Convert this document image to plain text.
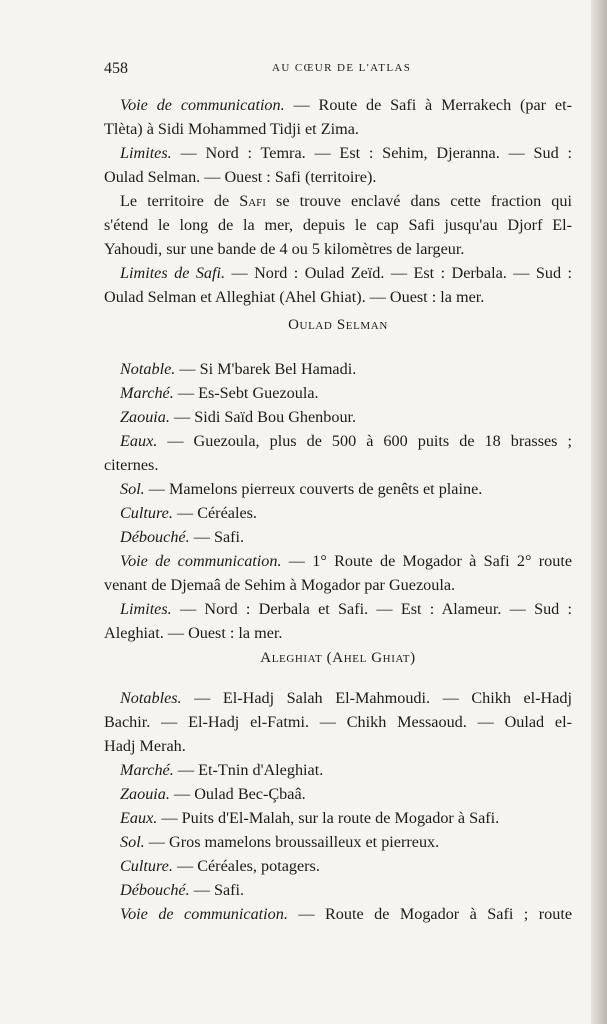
458	AU CŒUR DE L'ATLAS
Voie de communication. — Route de Safi à Merrakech (par et-
Tlèta) à Sidi Mohammed Tidji et Zima.
Limites. — Nord : Temra. — Est : Sehim, Djeranna. — Sud :
Oulad Selman. — Ouest : Safi (territoire).
Le territoire de Safi se trouve enclavé dans cette fraction qui
s'étend le long de la mer, depuis le cap Safi jusqu'au Djorf El-
Yahoudi, sur une bande de 4 ou 5 kilomètres de largeur.
Limites de Safi. — Nord : Oulad Zeïd. — Est : Derbala. — Sud :
Oulad Selman et Alleghiat (Ahel Ghiat). — Ouest : la mer.
Oulad Selman
Notable. — Si M'barek Bel Hamadi.
Marché. — Es-Sebt Guezoula.
Zaouia. — Sidi Saïd Bou Ghenbour.
Eaux. — Guezoula, plus de 500 à 600 puits de 18 brasses ;
citernes.
Sol. — Mamelons pierreux couverts de genêts et plaine.
Culture. — Céréales.
Débouché. — Safi.
Voie de communication. — 1° Route de Mogador à Safi 2° route
venant de Djemaâ de Sehim à Mogador par Guezoula.
Limites. — Nord : Derbala et Safi. — Est : Alameur. — Sud :
Aleghiat. — Ouest : la mer.
Aleghiat (Ahel Ghiat)
Notables. — El-Hadj Salah El-Mahmoudi. — Chikh el-Hadj
Bachir. — El-Hadj el-Fatmi. — Chikh Messaoud. — Oulad el-
Hadj Merah.
Marché. — Et-Tnin d'Aleghiat.
Zaouia. — Oulad Bec-Çbaâ.
Eaux. — Puits d'El-Malah, sur la route de Mogador à Safi.
Sol. — Gros mamelons broussailleux et pierreux.
Culture. — Céréales, potagers.
Débouché. — Safi.
Voie de communication. — Route de Mogador à Safi ; route
